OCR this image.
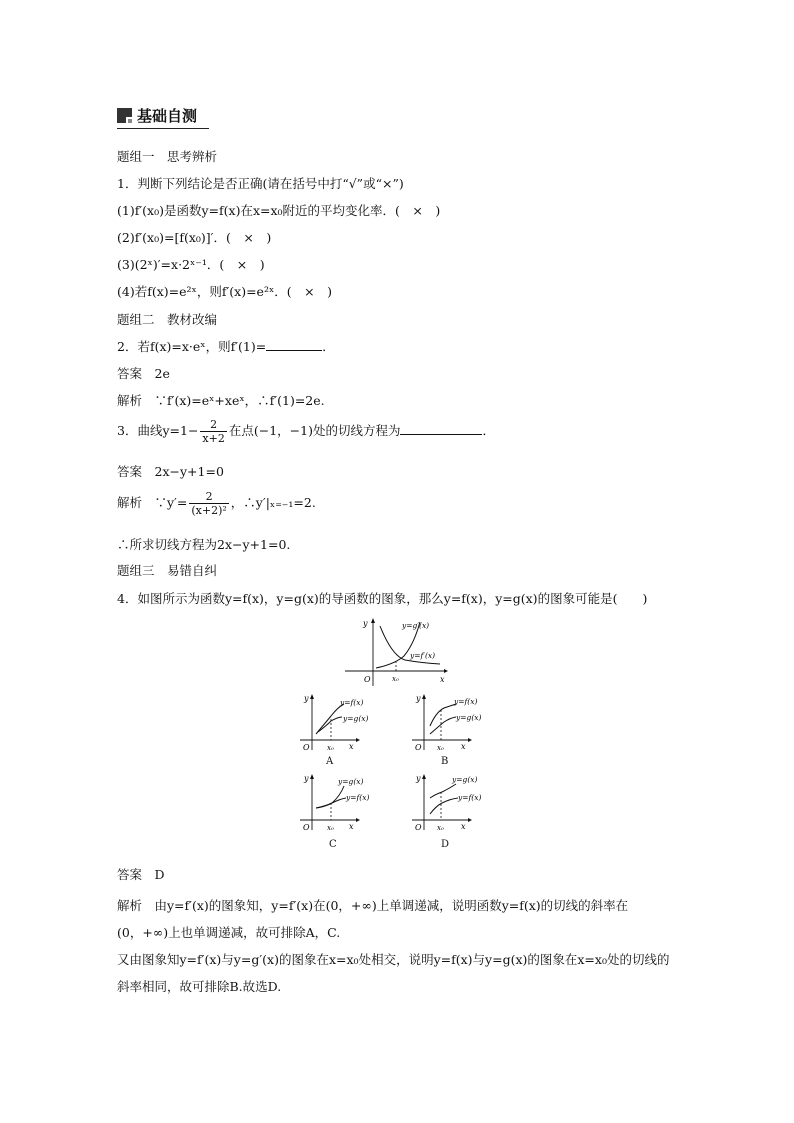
基础自测
题组一　思考辨析
1．判断下列结论是否正确(请在括号中打“√”或“×”)
(1)f′(x₀)是函数y=f(x)在x=x₀附近的平均变化率．(　×　)
(2)f′(x₀)=[f(x₀)]′．(　×　)
(3)(2ˣ)′=x·2ˣ⁻¹．(　×　)
(4)若f(x)=e²ˣ，则f′(x)=e²ˣ．(　×　)
题组二　教材改编
2．若f(x)=x·eˣ，则f′(1)=	．
答案　2e
解析　∵f′(x)=eˣ+xeˣ，∴f′(1)=2e.
3．曲线$y=1- \frac{2}{x+2}$ 在点(−1，−1)处的切线方程为	．
答案　2x−y+1=0
解析　∵y′= $\frac{2}{\text{(x+2)²}}$ ，∴y′|ₓ₌₋₁=2.
∴所求切线方程为2x−y+1=0.
题组三　易错自纠
4．如图所示为函数y=f(x)，y=g(x)的导函数的图象，那么y=f(x)，y=g(x)的图象可能是(　　)
y
x
O	x₀
y=g′(x)
y=f′(x)
y
x
O x₀
y=f(x)
y=g(x)
A
y
x
O x₀
y=f(x)
y=g(x)
B
y
x
O x₀
y=g(x)
y=f(x)
C
y
x
O x₀
y=g(x)
y=f(x)
D
答案　D
解析　由y=f′(x)的图象知，y=f′(x)在(0，+∞)上单调递减，说明函数y=f(x)的切线的斜率在(0，+∞)上也单调递减，故可排除A，C.
又由图象知y=f′(x)与y=g′(x)的图象在x=x₀处相交，说明y=f(x)与y=g(x)的图象在x=x₀处的切线的斜率相同，故可排除B.故选D.
